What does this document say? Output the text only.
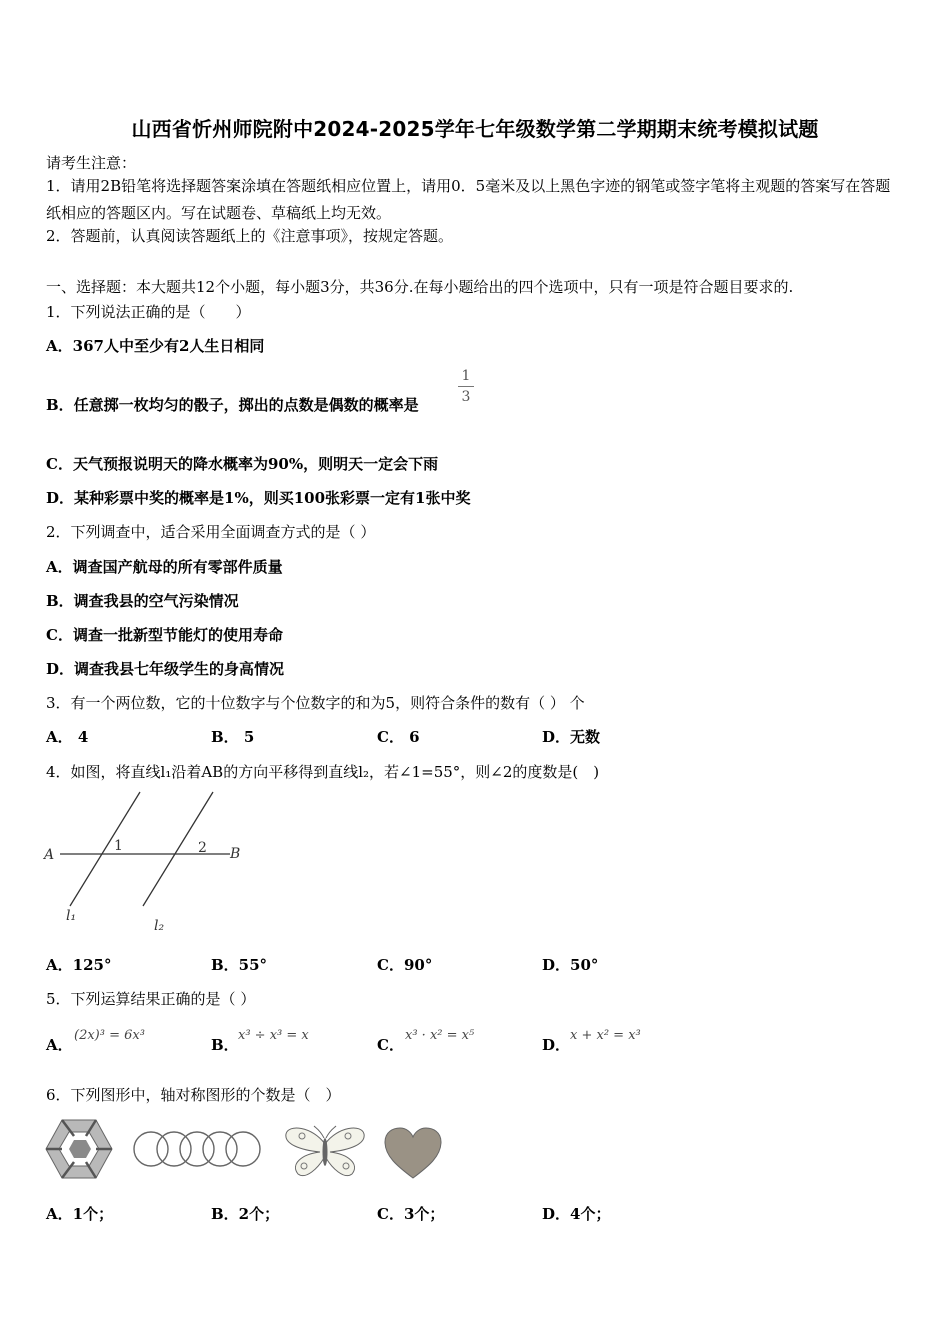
山西省忻州师院附中2024-2025学年七年级数学第二学期期末统考模拟试题
请考生注意：
1．请用2B铅笔将选择题答案涂填在答题纸相应位置上，请用0．5毫米及以上黑色字迹的钢笔或签字笔将主观题的答案写在答题纸相应的答题区内。写在试题卷、草稿纸上均无效。
2．答题前，认真阅读答题纸上的《注意事项》，按规定答题。
一、选择题：本大题共12个小题，每小题3分，共36分.在每小题给出的四个选项中，只有一项是符合题目要求的.
1．下列说法正确的是（　　）
A．367人中至少有2人生日相同
B．任意掷一枚均匀的骰子，掷出的点数是偶数的概率是
1
3
C．天气预报说明天的降水概率为90%，则明天一定会下雨
D．某种彩票中奖的概率是1%，则买100张彩票一定有1张中奖
2．下列调查中，适合采用全面调查方式的是（ ）
A．调查国产航母的所有零部件质量
B．调查我县的空气污染情况
C．调查一批新型节能灯的使用寿命
D．调查我县七年级学生的身高情况
3．有一个两位数，它的十位数字与个位数字的和为5，则符合条件的数有（ ） 个
A． 4	B． 5	C． 6	D．无数
4．如图，将直线l₁沿着AB的方向平移得到直线l₂，若∠1=55°，则∠2的度数是(　)
A	B
1	2
l₁
l₂
A．125°	B．55°	C．90°	D．50°
5．下列运算结果正确的是（ ）
A．
(2x)³ = 6x³
B．
x³ ÷ x³ = x
C．
x³ · x² = x⁵
D．
x + x² = x³
6．下列图形中，轴对称图形的个数是（　）
A．1个；	B．2个；	C．3个；	D．4个；
